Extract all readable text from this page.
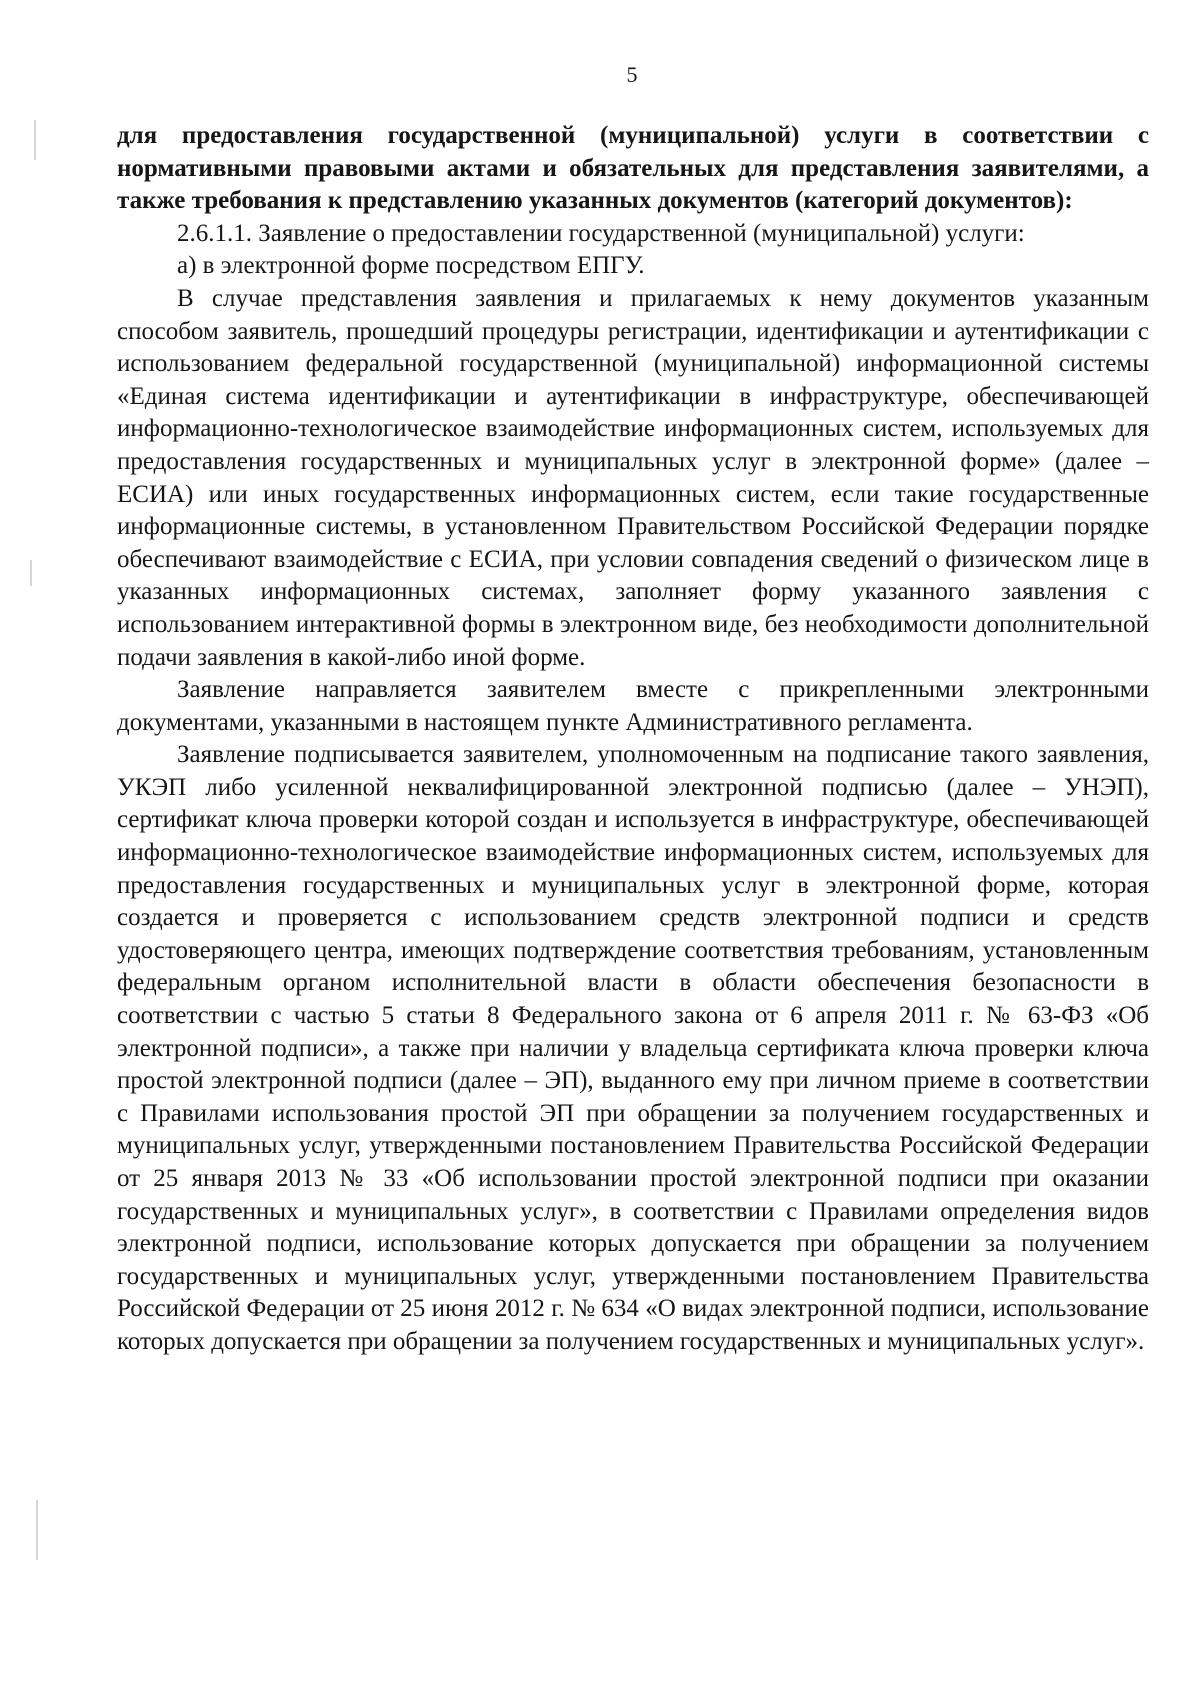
5

для предоставления государственной (муниципальной) услуги в соответствии с нормативными правовыми актами и обязательных для представления заявителями, а также требования к представлению указанных документов (категорий документов):

2.6.1.1. Заявление о предоставлении государственной (муниципальной) услуги:

а) в электронной форме посредством ЕПГУ.

В случае представления заявления и прилагаемых к нему документов указанным способом заявитель, прошедший процедуры регистрации, идентификации и аутентификации с использованием федеральной государственной (муниципальной) информационной системы «Единая система идентификации и аутентификации в инфраструктуре, обеспечивающей информационно-технологическое взаимодействие информационных систем, используемых для предоставления государственных и муниципальных услуг в электронной форме» (далее – ЕСИА) или иных государственных информационных систем, если такие государственные информационные системы, в установленном Правительством Российской Федерации порядке обеспечивают взаимодействие с ЕСИА, при условии совпадения сведений о физическом лице в указанных информационных системах, заполняет форму указанного заявления с использованием интерактивной формы в электронном виде, без необходимости дополнительной подачи заявления в какой-либо иной форме.

Заявление направляется заявителем вместе с прикрепленными электронными документами, указанными в настоящем пункте Административного регламента.

Заявление подписывается заявителем, уполномоченным на подписание такого заявления, УКЭП либо усиленной неквалифицированной электронной подписью (далее – УНЭП), сертификат ключа проверки которой создан и используется в инфраструктуре, обеспечивающей информационно-технологическое взаимодействие информационных систем, используемых для предоставления государственных и муниципальных услуг в электронной форме, которая создается и проверяется с использованием средств электронной подписи и средств удостоверяющего центра, имеющих подтверждение соответствия требованиям, установленным федеральным органом исполнительной власти в области обеспечения безопасности в соответствии с частью 5 статьи 8 Федерального закона от 6 апреля 2011 г. № 63-ФЗ «Об электронной подписи», а также при наличии у владельца сертификата ключа проверки ключа простой электронной подписи (далее – ЭП), выданного ему при личном приеме в соответствии с Правилами использования простой ЭП при обращении за получением государственных и муниципальных услуг, утвержденными постановлением Правительства Российской Федерации от 25 января 2013 № 33 «Об использовании простой электронной подписи при оказании государственных и муниципальных услуг», в соответствии с Правилами определения видов электронной подписи, использование которых допускается при обращении за получением государственных и муниципальных услуг, утвержденными постановлением Правительства Российской Федерации от 25 июня 2012 г. № 634 «О видах электронной подписи, использование которых допускается при обращении за получением государственных и муниципальных услуг».
